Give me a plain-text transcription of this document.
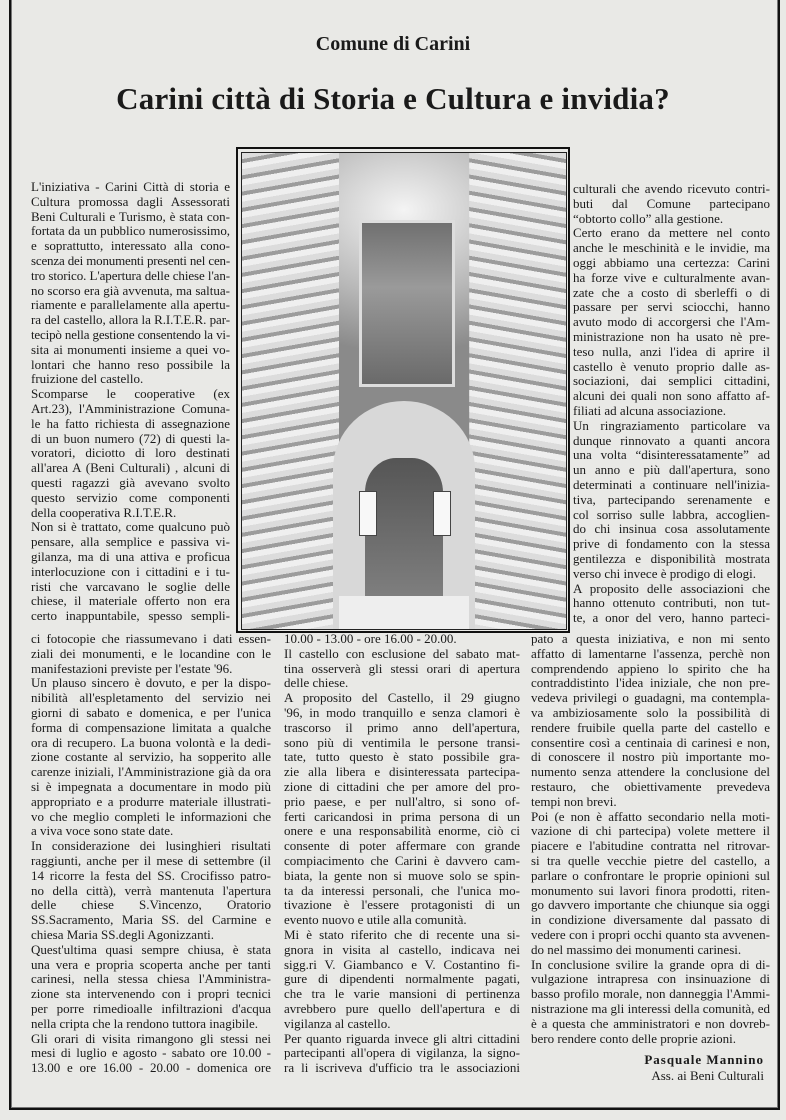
Comune di Carini
Carini città di Storia e Cultura e invidia?
L'iniziativa - Carini Città di storia e
Cultura promossa dagli Assessorati
Beni Culturali e Turismo, è stata con-
fortata da un pubblico numerosissimo,
e soprattutto, interessato alla cono-
scenza dei monumenti presenti nel cen-
tro storico. L'apertura delle chiese l'an-
no scorso era già avvenuta, ma saltua-
riamente e parallelamente alla apertu-
ra del castello, allora la R.I.T.E.R. par-
tecipò nella gestione consentendo la vi-
sita ai monumenti insieme a quei vo-
lontari che hanno reso possibile la
fruizione del castello.
Scomparse le cooperative (ex
Art.23), l'Amministrazione Comuna-
le ha fatto richiesta di assegnazione
di un buon numero (72) di questi la-
voratori, diciotto di loro destinati
all'area A (Beni Culturali) , alcuni di
questi ragazzi già avevano svolto
questo servizio come componenti
della cooperativa R.I.T.E.R.
Non si è trattato, come qualcuno può
pensare, alla semplice e passiva vi-
gilanza, ma di una attiva e proficua
interlocuzione con i cittadini e i tu-
risti che varcavano le soglie delle
chiese, il materiale offerto non era
certo inappuntabile, spesso sempli-
ci fotocopie che riassumevano i dati essen-
ziali dei monumenti, e le locandine con le
manifestazioni previste per l'estate '96.
Un plauso sincero è dovuto, e per la dispo-
nibilità all'espletamento del servizio nei
giorni di sabato e domenica, e per l'unica
forma di compensazione limitata a qualche
ora di recupero. La buona volontà e la dedi-
zione costante al servizio, ha sopperito alle
carenze iniziali, l'Amministrazione già da ora
si è impegnata a documentare in modo più
appropriato e a produrre materiale illustrati-
vo che meglio completi le informazioni che
a viva voce sono state date.
In considerazione dei lusinghieri risultati
raggiunti, anche per il mese di settembre (il
14 ricorre la festa del SS. Crocifisso patro-
no della città), verrà mantenuta l'apertura
delle chiese S.Vincenzo, Oratorio
SS.Sacramento, Maria SS. del Carmine e
chiesa Maria SS.degli Agonizzanti.
Quest'ultima quasi sempre chiusa, è stata
una vera e propria scoperta anche per tanti
carinesi, nella stessa chiesa l'Amministra-
zione sta intervenendo con i propri tecnici
per porre rimedioalle infiltrazioni d'acqua
nella cripta che la rendono tuttora inagibile.
Gli orari di visita rimangono gli stessi nei
mesi di luglio e agosto - sabato ore 10.00 -
13.00 e ore 16.00 - 20.00 - domenica ore
10.00 - 13.00 - ore 16.00 - 20.00.
Il castello con esclusione del sabato mat-
tina osserverà gli stessi orari di apertura
delle chiese.
A proposito del Castello, il 29 giugno
'96, in modo tranquillo e senza clamori è
trascorso il primo anno dell'apertura,
sono più di ventimila le persone transi-
tate, tutto questo è stato possibile gra-
zie alla libera e disinteressata partecipa-
zione di cittadini che per amore del pro-
prio paese, e per null'altro, si sono of-
ferti caricandosi in prima persona di un
onere e una responsabilità enorme, ciò ci
consente di poter affermare con grande
compiacimento che Carini è davvero cam-
biata, la gente non si muove solo se spin-
ta da interessi personali, che l'unica mo-
tivazione è l'essere protagonisti di un
evento nuovo e utile alla comunità.
Mi è stato riferito che di recente una si-
gnora in visita al castello, indicava nei
sigg.ri V. Giambanco e V. Costantino fi-
gure di dipendenti normalmente pagati,
che tra le varie mansioni di pertinenza
avrebbero pure quello dell'apertura e di
vigilanza al castello.
Per quanto riguarda invece gli altri cittadini
partecipanti all'opera di vigilanza, la signo-
ra li iscriveva d'ufficio tra le associazioni
culturali che avendo ricevuto contri-
buti dal Comune partecipano
“obtorto collo” alla gestione.
Certo erano da mettere nel conto
anche le meschinità e le invidie, ma
oggi abbiamo una certezza: Carini
ha forze vive e culturalmente avan-
zate che a costo di sberleffi o di
passare per servi sciocchi, hanno
avuto modo di accorgersi che l'Am-
ministrazione non ha usato nè pre-
teso nulla, anzi l'idea di aprire il
castello è venuto proprio dalle as-
sociazioni, dai semplici cittadini,
alcuni dei quali non sono affatto af-
filiati ad alcuna associazione.
Un ringraziamento particolare va
dunque rinnovato a quanti ancora
una volta “disinteressatamente” ad
un anno e più dall'apertura, sono
determinati a continuare nell'inizia-
tiva, partecipando serenamente e
col sorriso sulle labbra, accoglien-
do chi insinua cosa assolutamente
prive di fondamento con la stessa
gentilezza e disponibilità mostrata
verso chi invece è prodigo di elogi.
A proposito delle associazioni che
hanno ottenuto contributi, non tut-
te, a onor del vero, hanno parteci-
pato a questa iniziativa, e non mi sento
affatto di lamentarne l'assenza, perchè non
comprendendo appieno lo spirito che ha
contraddistinto l'idea iniziale, che non pre-
vedeva privilegi o guadagni, ma contempla-
va ambiziosamente solo la possibilità di
rendere fruibile quella parte del castello e
consentire così a centinaia di carinesi e non,
di conoscere il nostro più importante mo-
numento senza attendere la conclusione del
restauro, che obiettivamente prevedeva
tempi non brevi.
Poi (e non è affatto secondario nella moti-
vazione di chi partecipa) volete mettere il
piacere e l'abitudine contratta nel ritrovar-
si tra quelle vecchie pietre del castello, a
parlare o confrontare le proprie opinioni sul
monumento sui lavori finora prodotti, riten-
go davvero importante che chiunque sia oggi
in condizione diversamente dal passato di
vedere con i propri occhi quanto sta avvenen-
do nel massimo dei monumenti carinesi.
In conclusione svilire la grande opra di di-
vulgazione intrapresa con insinuazione di
basso profilo morale, non danneggia l'Ammi-
nistrazione ma gli interessi della comunità, ed
è a questa che amministratori e non dovreb-
bero rendere conto delle proprie azioni.
Pasquale Mannino
Ass. ai Beni Culturali
